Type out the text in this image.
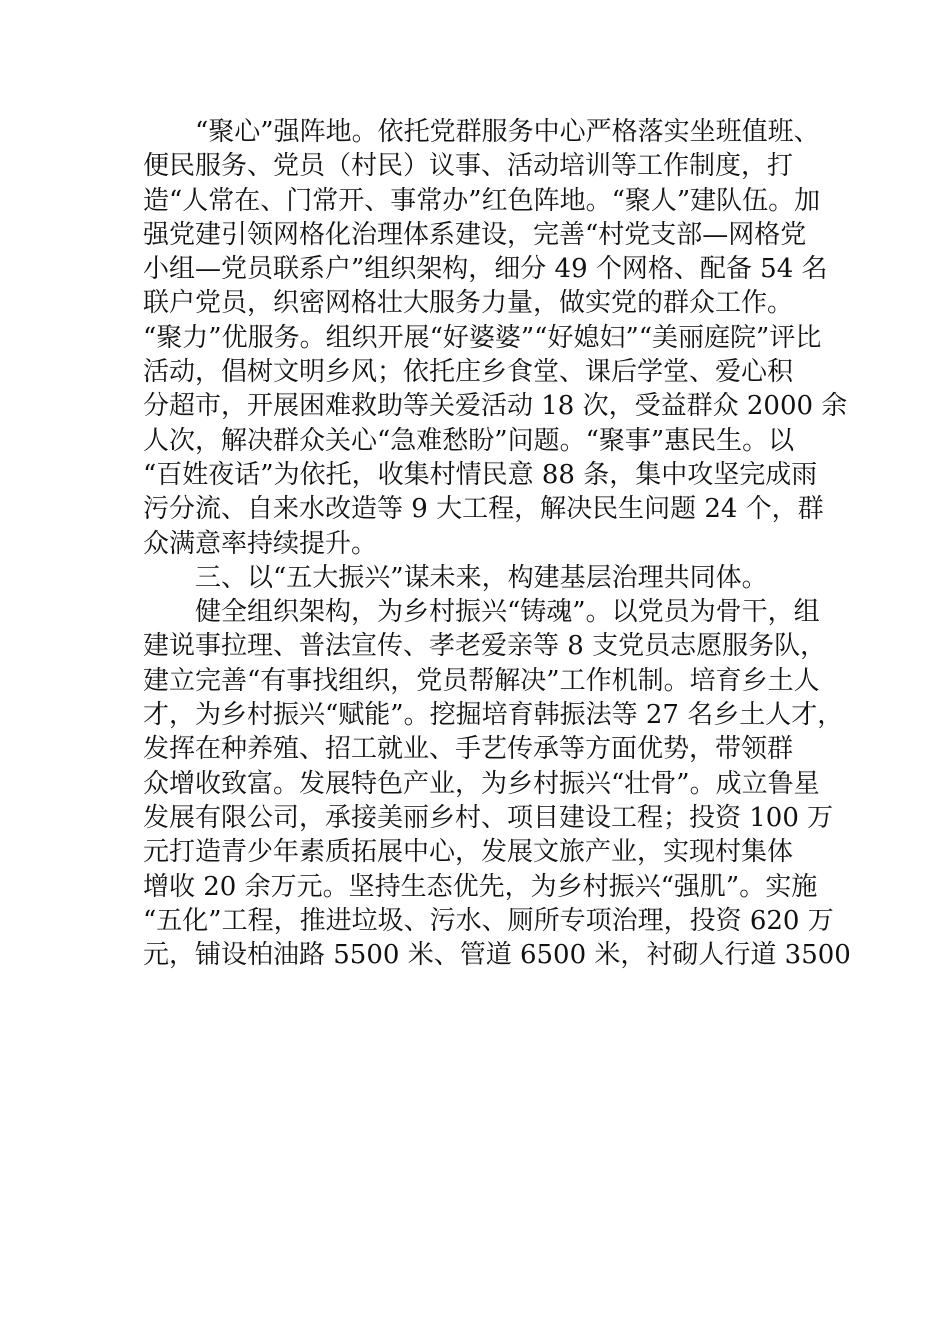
“聚心”强阵地。依托党群服务中心严格落实坐班值班、
便民服务、党员（村民）议事、活动培训等工作制度，打
造“人常在、门常开、事常办”红色阵地。“聚人”建队伍。加
强党建引领网格化治理体系建设，完善“村党支部—网格党
小组—党员联系户”组织架构，细分 49 个网格、配备 54 名
联户党员，织密网格壮大服务力量，做实党的群众工作。
“聚力”优服务。组织开展“好婆婆”“好媳妇”“美丽庭院”评比
活动，倡树文明乡风；依托庄乡食堂、课后学堂、爱心积
分超市，开展困难救助等关爱活动 18 次，受益群众 2000 余
人次，解决群众关心“急难愁盼”问题。“聚事”惠民生。以
“百姓夜话”为依托，收集村情民意 88 条，集中攻坚完成雨
污分流、自来水改造等 9 大工程，解决民生问题 24 个，群
众满意率持续提升。
三、以“五大振兴”谋未来，构建基层治理共同体。
健全组织架构，为乡村振兴“铸魂”。以党员为骨干，组
建说事拉理、普法宣传、孝老爱亲等 8 支党员志愿服务队，
建立完善“有事找组织，党员帮解决”工作机制。培育乡土人
才，为乡村振兴“赋能”。挖掘培育韩振法等 27 名乡土人才，
发挥在种养殖、招工就业、手艺传承等方面优势，带领群
众增收致富。发展特色产业，为乡村振兴“壮骨”。成立鲁星
发展有限公司，承接美丽乡村、项目建设工程；投资 100 万
元打造青少年素质拓展中心，发展文旅产业，实现村集体
增收 20 余万元。坚持生态优先，为乡村振兴“强肌”。实施
“五化”工程，推进垃圾、污水、厕所专项治理，投资 620 万
元，铺设柏油路 5500 米、管道 6500 米，衬砌人行道 3500
